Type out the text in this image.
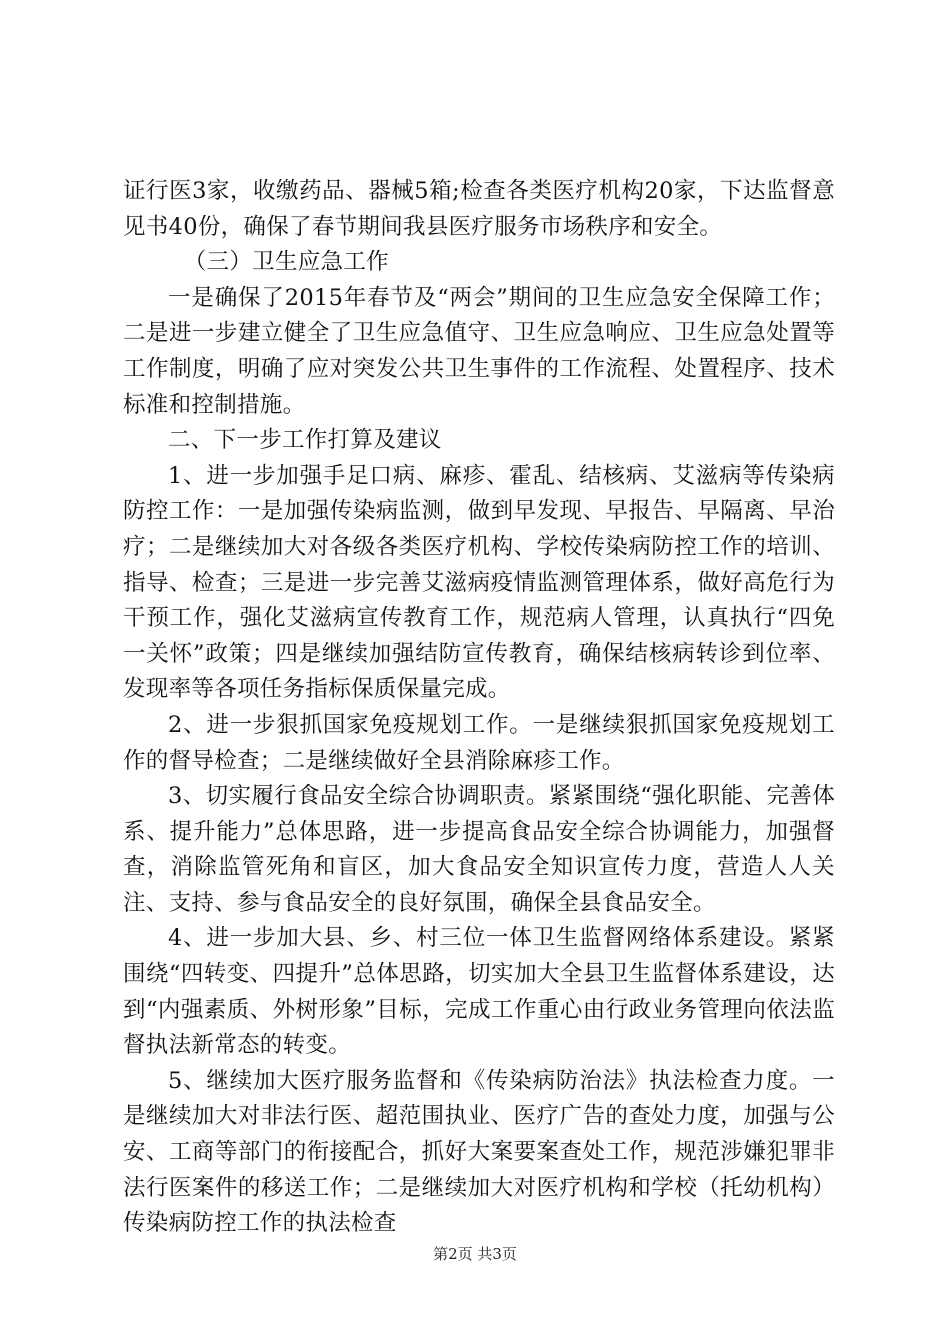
证行医3家，收缴药品、器械5箱;检查各类医疗机构20家，下达监督意见书40份，确保了春节期间我县医疗服务市场秩序和安全。

（三）卫生应急工作

一是确保了2015年春节及“两会”期间的卫生应急安全保障工作；二是进一步建立健全了卫生应急值守、卫生应急响应、卫生应急处置等工作制度，明确了应对突发公共卫生事件的工作流程、处置程序、技术标准和控制措施。

二、下一步工作打算及建议

1、进一步加强手足口病、麻疹、霍乱、结核病、艾滋病等传染病防控工作：一是加强传染病监测，做到早发现、早报告、早隔离、早治疗；二是继续加大对各级各类医疗机构、学校传染病防控工作的培训、指导、检查；三是进一步完善艾滋病疫情监测管理体系，做好高危行为干预工作，强化艾滋病宣传教育工作，规范病人管理，认真执行“四免一关怀”政策；四是继续加强结防宣传教育，确保结核病转诊到位率、发现率等各项任务指标保质保量完成。

2、进一步狠抓国家免疫规划工作。一是继续狠抓国家免疫规划工作的督导检查；二是继续做好全县消除麻疹工作。

3、切实履行食品安全综合协调职责。紧紧围绕“强化职能、完善体系、提升能力”总体思路，进一步提高食品安全综合协调能力，加强督查，消除监管死角和盲区，加大食品安全知识宣传力度，营造人人关注、支持、参与食品安全的良好氛围，确保全县食品安全。

4、进一步加大县、乡、村三位一体卫生监督网络体系建设。紧紧围绕“四转变、四提升”总体思路，切实加大全县卫生监督体系建设，达到“内强素质、外树形象”目标，完成工作重心由行政业务管理向依法监督执法新常态的转变。

5、继续加大医疗服务监督和《传染病防治法》执法检查力度。一是继续加大对非法行医、超范围执业、医疗广告的查处力度，加强与公安、工商等部门的衔接配合，抓好大案要案查处工作，规范涉嫌犯罪非法行医案件的移送工作；二是继续加大对医疗机构和学校（托幼机构）传染病防控工作的执法检查

第2页 共3页
